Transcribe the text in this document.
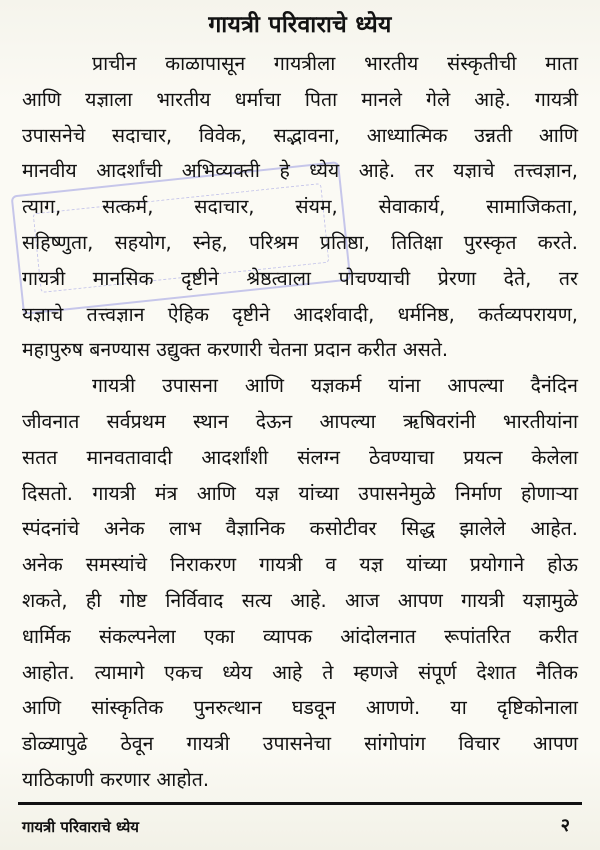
गायत्री परिवाराचे ध्येय
प्राचीन काळापासून गायत्रीला भारतीय संस्कृतीची माता
आणि यज्ञाला भारतीय धर्माचा पिता मानले गेले आहे. गायत्री
उपासनेचे सदाचार, विवेक, सद्भावना, आध्यात्मिक उन्नती आणि
मानवीय आदर्शांची अभिव्यक्ती हे ध्येय आहे. तर यज्ञाचे तत्त्वज्ञान,
त्याग, सत्कर्म, सदाचार, संयम, सेवाकार्य, सामाजिकता,
सहिष्णुता, सहयोग, स्नेह, परिश्रम प्रतिष्ठा, तितिक्षा पुरस्कृत करते.
गायत्री मानसिक दृष्टीने श्रेष्ठत्वाला पोचण्याची प्रेरणा देते, तर
यज्ञाचे तत्त्वज्ञान ऐहिक दृष्टीने आदर्शवादी, धर्मनिष्ठ, कर्तव्यपरायण,
महापुरुष बनण्यास उद्युक्त करणारी चेतना प्रदान करीत असते.
गायत्री उपासना आणि यज्ञकर्म यांना आपल्या दैनंदिन
जीवनात सर्वप्रथम स्थान देऊन आपल्या ऋषिवरांनी भारतीयांना
सतत मानवतावादी आदर्शांशी संलग्न ठेवण्याचा प्रयत्न केलेला
दिसतो. गायत्री मंत्र आणि यज्ञ यांच्या उपासनेमुळे निर्माण होणाऱ्या
स्पंदनांचे अनेक लाभ वैज्ञानिक कसोटीवर सिद्ध झालेले आहेत.
अनेक समस्यांचे निराकरण गायत्री व यज्ञ यांच्या प्रयोगाने होऊ
शकते, ही गोष्ट निर्विवाद सत्य आहे. आज आपण गायत्री यज्ञामुळे
धार्मिक संकल्पनेला एका व्यापक आंदोलनात रूपांतरित करीत
आहोत. त्यामागे एकच ध्येय आहे ते म्हणजे संपूर्ण देशात नैतिक
आणि सांस्कृतिक पुनरुत्थान घडवून आणणे. या दृष्टिकोनाला
डोळ्यापुढे ठेवून गायत्री उपासनेचा सांगोपांग विचार आपण
याठिकाणी करणार आहोत.
गायत्री परिवाराचे ध्येय	२
